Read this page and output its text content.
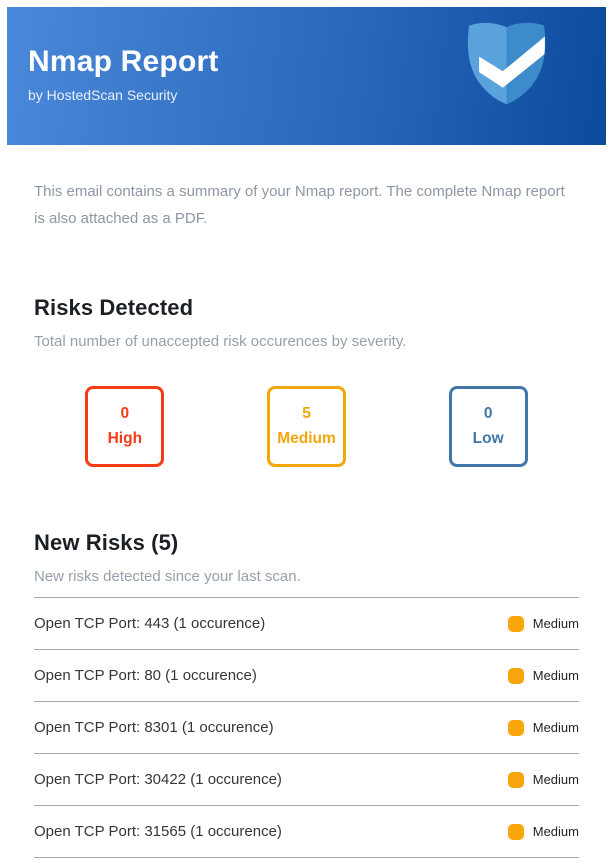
Nmap Report
by HostedScan Security

This email contains a summary of your Nmap report. The complete Nmap report is also attached as a PDF.

Risks Detected
Total number of unaccepted risk occurences by severity.
0
High
5
Medium
0
Low
New Risks (5)
New risks detected since your last scan.
Open TCP Port: 443 (1 occurence)	Medium
Open TCP Port: 80 (1 occurence)	Medium
Open TCP Port: 8301 (1 occurence)	Medium
Open TCP Port: 30422 (1 occurence)	Medium
Open TCP Port: 31565 (1 occurence)	Medium
